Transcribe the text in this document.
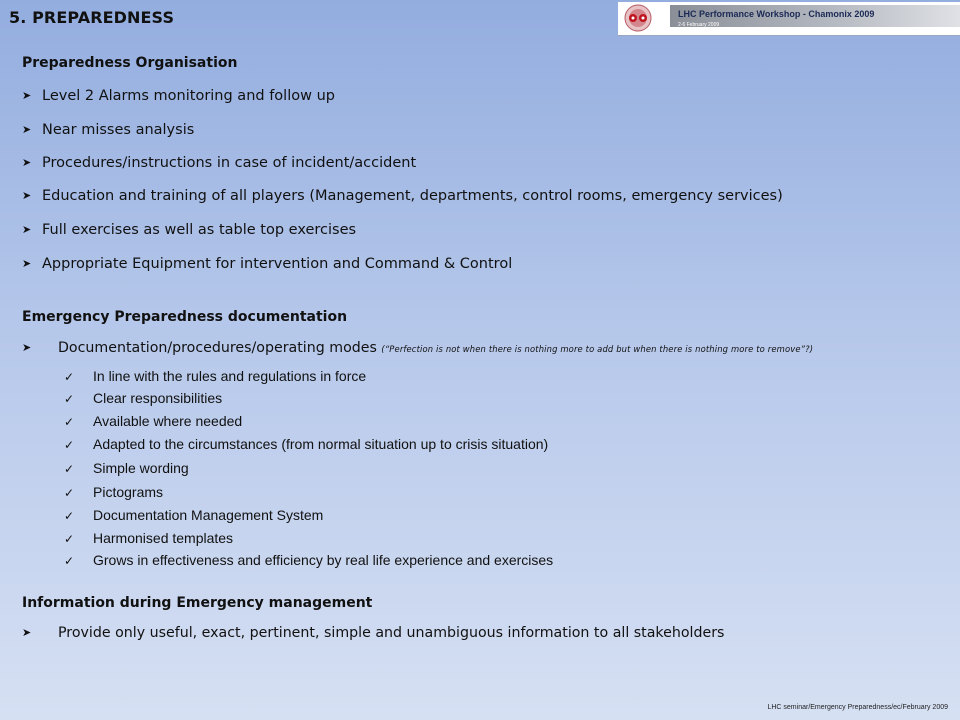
5. PREPAREDNESS	LHC Performance Workshop - Chamonix 2009
2-6 February 2009
Preparedness Organisation
➤ Level 2 Alarms monitoring and follow up
➤ Near misses analysis
➤ Procedures/instructions in case of incident/accident
➤ Education and training of all players (Management, departments, control rooms, emergency services)
➤ Full exercises as well as table top exercises
➤ Appropriate Equipment for intervention and Command & Control
Emergency Preparedness documentation
➤ Documentation/procedures/operating modes (“Perfection is not when there is nothing more to add but when there is nothing more to remove”?)
✓ In line with the rules and regulations in force
✓ Clear responsibilities
✓ Available where needed
✓ Adapted to the circumstances (from normal situation up to crisis situation)
✓ Simple wording
✓ Pictograms
✓ Documentation Management System
✓ Harmonised templates
✓ Grows in effectiveness and efficiency by real life experience and exercises
Information during Emergency management
➤ Provide only useful, exact, pertinent, simple and unambiguous information to all stakeholders
LHC seminar/Emergency Preparedness/ec/February 2009
